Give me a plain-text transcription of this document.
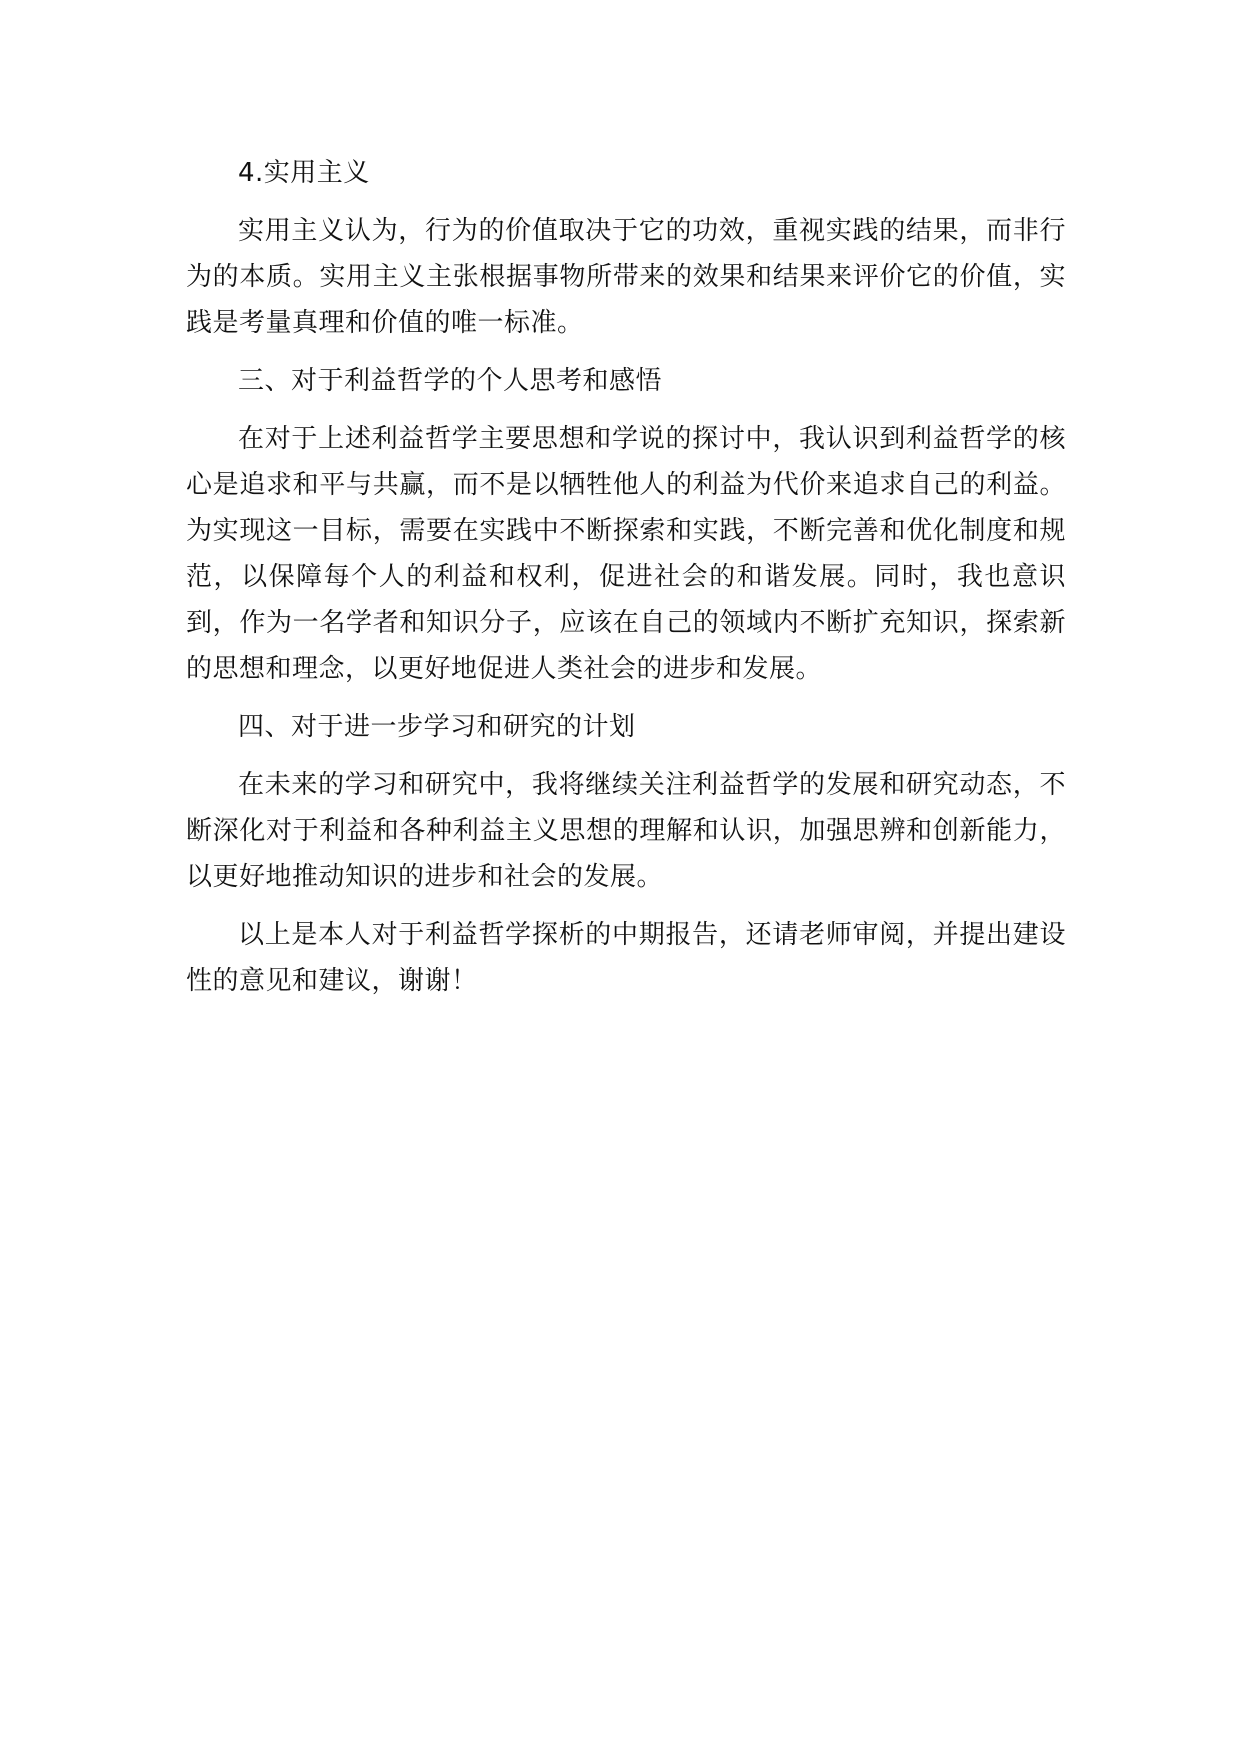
4.实用主义

实用主义认为，行为的价值取决于它的功效，重视实践的结果，而非行为的本质。实用主义主张根据事物所带来的效果和结果来评价它的价值，实践是考量真理和价值的唯一标准。

三、对于利益哲学的个人思考和感悟

在对于上述利益哲学主要思想和学说的探讨中，我认识到利益哲学的核心是追求和平与共赢，而不是以牺牲他人的利益为代价来追求自己的利益。为实现这一目标，需要在实践中不断探索和实践，不断完善和优化制度和规范，以保障每个人的利益和权利，促进社会的和谐发展。同时，我也意识到，作为一名学者和知识分子，应该在自己的领域内不断扩充知识，探索新的思想和理念，以更好地促进人类社会的进步和发展。

四、对于进一步学习和研究的计划

在未来的学习和研究中，我将继续关注利益哲学的发展和研究动态，不断深化对于利益和各种利益主义思想的理解和认识，加强思辨和创新能力，以更好地推动知识的进步和社会的发展。

以上是本人对于利益哲学探析的中期报告，还请老师审阅，并提出建设性的意见和建议，谢谢！
